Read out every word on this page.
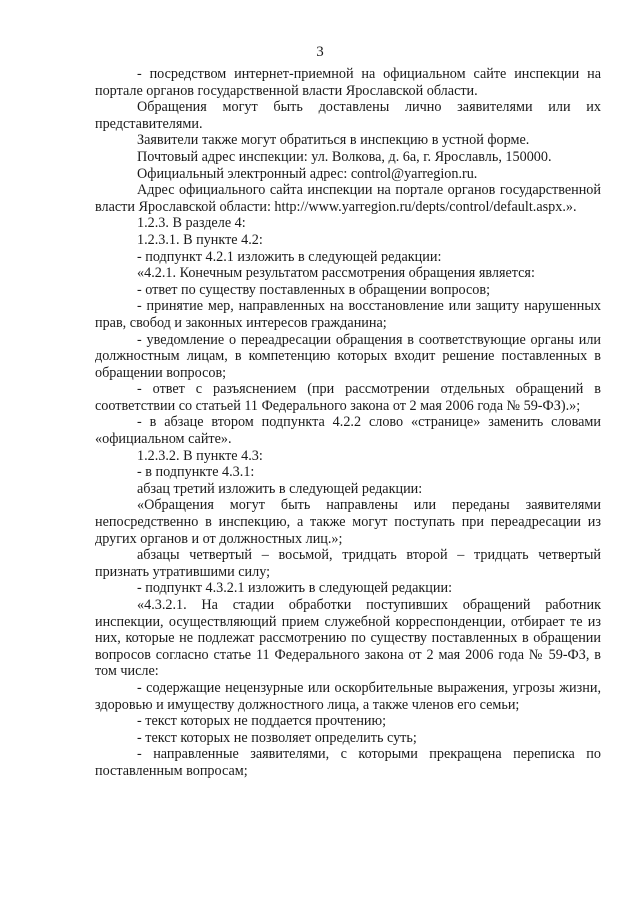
3

- посредством интернет-приемной на официальном сайте инспекции на портале органов государственной власти Ярославской области.

Обращения могут быть доставлены лично заявителями или их представителями.

Заявители также могут обратиться в инспекцию в устной форме.

Почтовый адрес инспекции: ул. Волкова, д. 6а, г. Ярославль, 150000.

Официальный электронный адрес: control@yarregion.ru.

Адрес официального сайта инспекции на портале органов государственной власти Ярославской области: http://www.yarregion.ru/depts/control/default.aspx.».

1.2.3. В разделе 4:

1.2.3.1. В пункте 4.2:

- подпункт 4.2.1 изложить в следующей редакции:

«4.2.1. Конечным результатом рассмотрения обращения является:

- ответ по существу поставленных в обращении вопросов;

- принятие мер, направленных на восстановление или защиту нарушенных прав, свобод и законных интересов гражданина;

- уведомление о переадресации обращения в соответствующие органы или должностным лицам, в компетенцию которых входит решение поставленных в обращении вопросов;

- ответ с разъяснением (при рассмотрении отдельных обращений в соответствии со статьей 11 Федерального закона от 2 мая 2006 года № 59-ФЗ).»;

- в абзаце втором подпункта 4.2.2 слово «странице» заменить словами «официальном сайте».

1.2.3.2. В пункте 4.3:

- в подпункте 4.3.1:

абзац третий изложить в следующей редакции:

«Обращения могут быть направлены или переданы заявителями непосредственно в инспекцию, а также могут поступать при переадресации из других органов и от должностных лиц.»;

абзацы четвертый – восьмой, тридцать второй – тридцать четвертый признать утратившими силу;

- подпункт 4.3.2.1 изложить в следующей редакции:

«4.3.2.1. На стадии обработки поступивших обращений работник инспекции, осуществляющий прием служебной корреспонденции, отбирает те из них, которые не подлежат рассмотрению по существу поставленных в обращении вопросов согласно статье 11 Федерального закона от 2 мая 2006 года № 59-ФЗ, в том числе:

- содержащие нецензурные или оскорбительные выражения, угрозы жизни, здоровью и имуществу должностного лица, а также членов его семьи;

- текст которых не поддается прочтению;

- текст которых не позволяет определить суть;

- направленные заявителями, с которыми прекращена переписка по поставленным вопросам;
